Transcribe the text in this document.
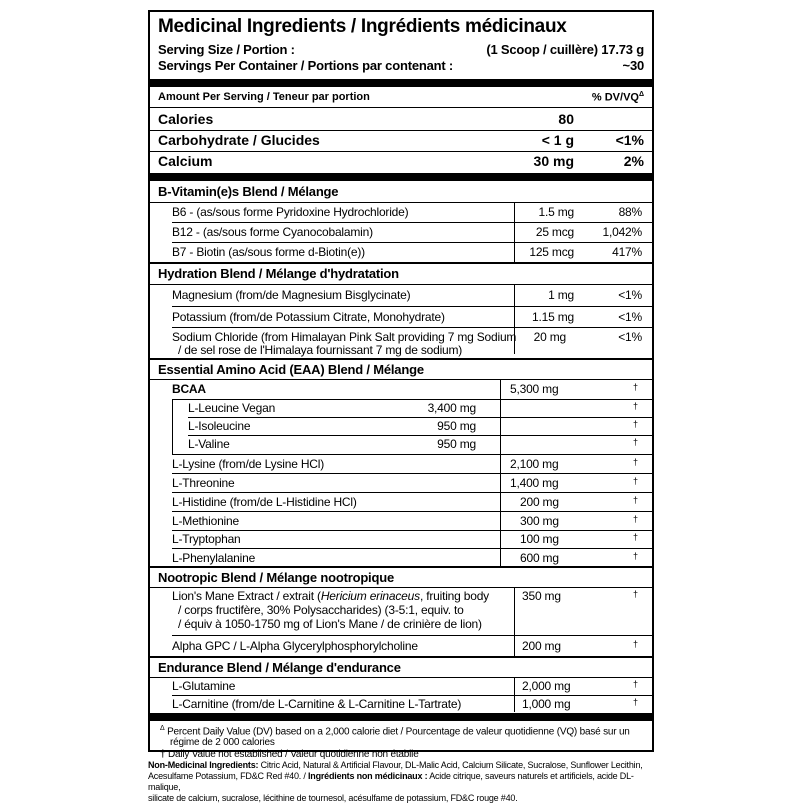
Medicinal Ingredients / Ingrédients médicinaux
Serving Size / Portion :	(1 Scoop / cuillère) 17.73 g
Servings Per Container / Portions par contenant :	~30
Amount Per Serving / Teneur par portion	% $DV/VQ^\Delta$
Calories	80
Carbohydrate / Glucides	< 1 g	<1%
Calcium	30 mg	2%
B-Vitamin(e)s Blend / Mélange
B6 - (as/sous forme Pyridoxine Hydrochloride)	1.5 mg	88%
B12 - (as/sous forme Cyanocobalamin)	25 mcg 1,042%
B7 - Biotin (as/sous forme d-Biotin(e))	125 mcg	417%
Hydration Blend / Mélange d'hydratation
Magnesium (from/de Magnesium Bisglycinate)	1 mg	<1%
Potassium (from/de Potassium Citrate, Monohydrate)	1.15 mg	<1%
Sodium Chloride (from Himalayan Pink Salt providing 7 mg Sodium
/ de sel rose de l'Himalaya fournissant 7 mg de sodium)
20 mg	<1%
Essential Amino Acid (EAA) Blend / Mélange
BCAA	5,300 mg	†
L-Leucine Vegan	3,400 mg	†
L-Isoleucine	950 mg	†
L-Valine	950 mg	†
L-Lysine (from/de Lysine HCl)	2,100 mg	†
L-Threonine	1,400 mg	†
L-Histidine (from/de L-Histidine HCl)	200 mg	†
L-Methionine	300 mg	†
L-Tryptophan	100 mg	†
L-Phenylalanine	600 mg	†
Nootropic Blend / Mélange nootropique
Lion's Mane Extract / extrait (Hericium erinaceus, fruiting body
/ corps fructifère, 30% Polysaccharides) (3-5:1, equiv. to
/ équiv à 1050-1750 mg of Lion's Mane / de crinière de lion)
350 mg	†
Alpha GPC / L-Alpha Glycerylphosphorylcholine	200 mg	†
Endurance Blend / Mélange d'endurance
L-Glutamine	2,000 mg	†
L-Carnitine (from/de L-Carnitine & L-Carnitine L-Tartrate)	1,000 mg	†
$^\Delta$ Percent Daily Value (DV) based on a 2,000 calorie diet / Pourcentage de valeur quotidienne (VQ) basé sur un
régime de 2 000 calories
† Daily Value not established / Valeur quotidienne non établie
Non-Medicinal Ingredients: Citric Acid, Natural & Artificial Flavour, DL-Malic Acid, Calcium Silicate, Sucralose, Sunflower Lecithin,
Acesulfame Potassium, FD&C Red #40. / Ingrédients non médicinaux : Acide citrique, saveurs naturels et artificiels, acide DL-malique,
silicate de calcium, sucralose, lécithine de tournesol, acésulfame de potassium, FD&C rouge #40.
